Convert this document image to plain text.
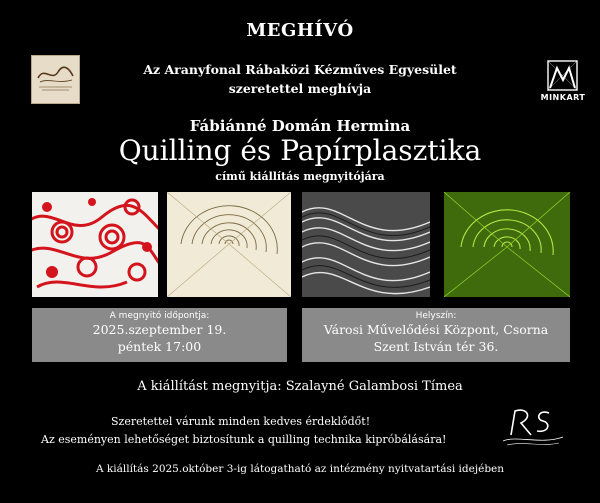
MEGHÍVÓ
Az Aranyfonal Rábaközi Kézműves Egyesület
szeretettel meghívja
MINKART
Fábiánné Domán Hermina
Quilling és Papírplasztika
című kiállítás megnyitójára
A megnyitó időpontja:
2025.szeptember 19.
péntek 17:00
Helyszín:
Városi Művelődési Központ, Csorna
Szent István tér 36.
A kiállítást megnyitja: Szalayné Galambosi Tímea
Szeretettel várunk minden kedves érdeklődőt!
Az eseményen lehetőséget biztosítunk a quilling technika kipróbálására!
A kiállítás 2025.október 3-ig látogatható az intézmény nyitvatartási idejében
